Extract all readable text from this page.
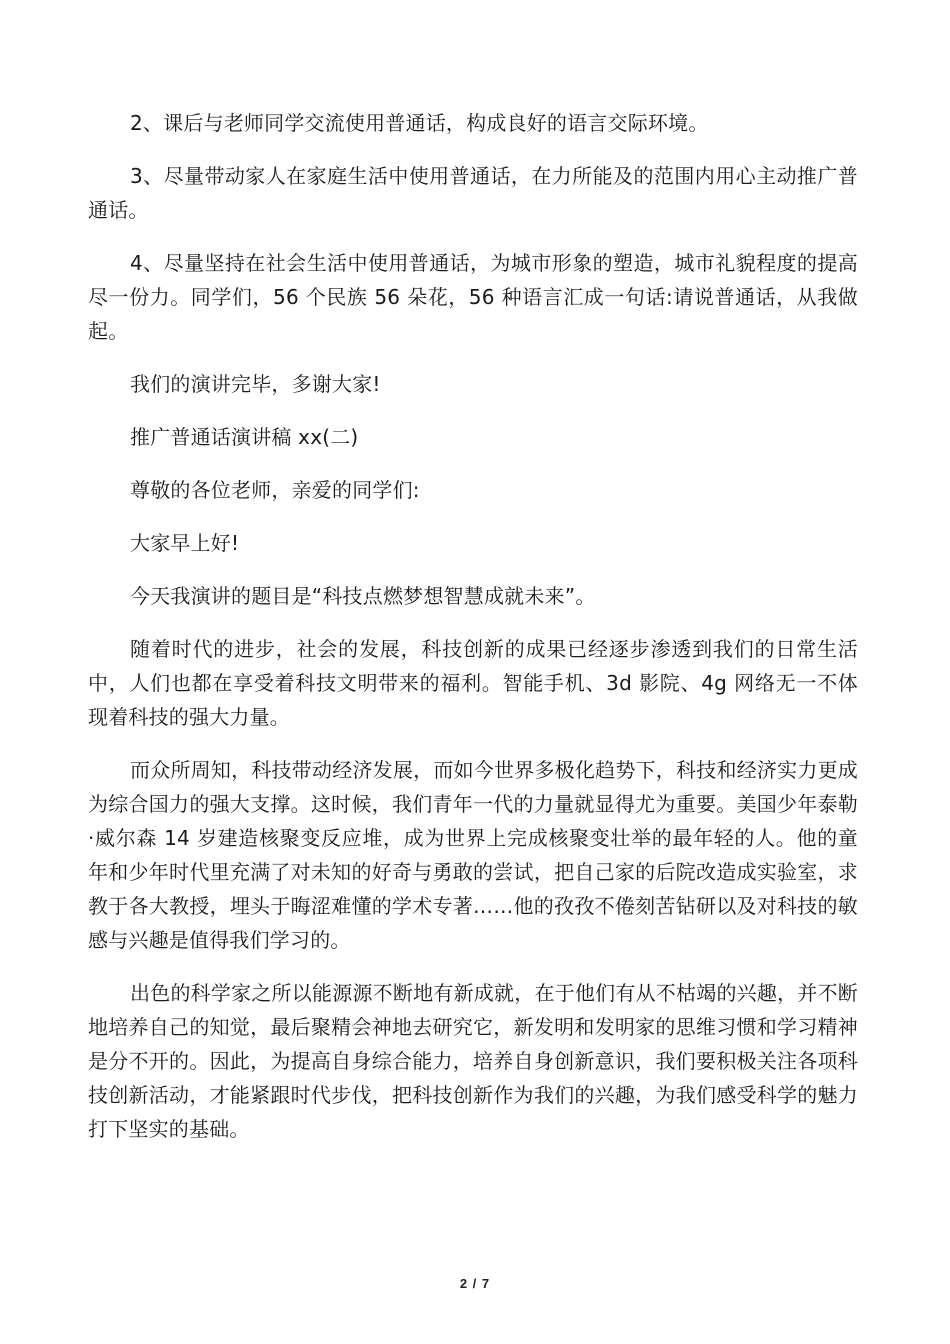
2、课后与老师同学交流使用普通话，构成良好的语言交际环境。

3、尽量带动家人在家庭生活中使用普通话，在力所能及的范围内用心主动推广普通话。

4、尽量坚持在社会生活中使用普通话，为城市形象的塑造，城市礼貌程度的提高尽一份力。同学们，56 个民族 56 朵花，56 种语言汇成一句话:请说普通话，从我做起。

我们的演讲完毕，多谢大家!

推广普通话演讲稿 xx(二)

尊敬的各位老师，亲爱的同学们:

大家早上好!

今天我演讲的题目是“科技点燃梦想智慧成就未来”。

随着时代的进步，社会的发展，科技创新的成果已经逐步渗透到我们的日常生活中，人们也都在享受着科技文明带来的福利。智能手机、3d 影院、4g 网络无一不体现着科技的强大力量。

而众所周知，科技带动经济发展，而如今世界多极化趋势下，科技和经济实力更成为综合国力的强大支撑。这时候，我们青年一代的力量就显得尤为重要。美国少年泰勒·威尔森 14 岁建造核聚变反应堆，成为世界上完成核聚变壮举的最年轻的人。他的童年和少年时代里充满了对未知的好奇与勇敢的尝试，把自己家的后院改造成实验室，求教于各大教授，埋头于晦涩难懂的学术专著……他的孜孜不倦刻苦钻研以及对科技的敏感与兴趣是值得我们学习的。

出色的科学家之所以能源源不断地有新成就，在于他们有从不枯竭的兴趣，并不断地培养自己的知觉，最后聚精会神地去研究它，新发明和发明家的思维习惯和学习精神是分不开的。因此，为提高自身综合能力，培养自身创新意识，我们要积极关注各项科技创新活动，才能紧跟时代步伐，把科技创新作为我们的兴趣，为我们感受科学的魅力打下坚实的基础。

2 / 7
